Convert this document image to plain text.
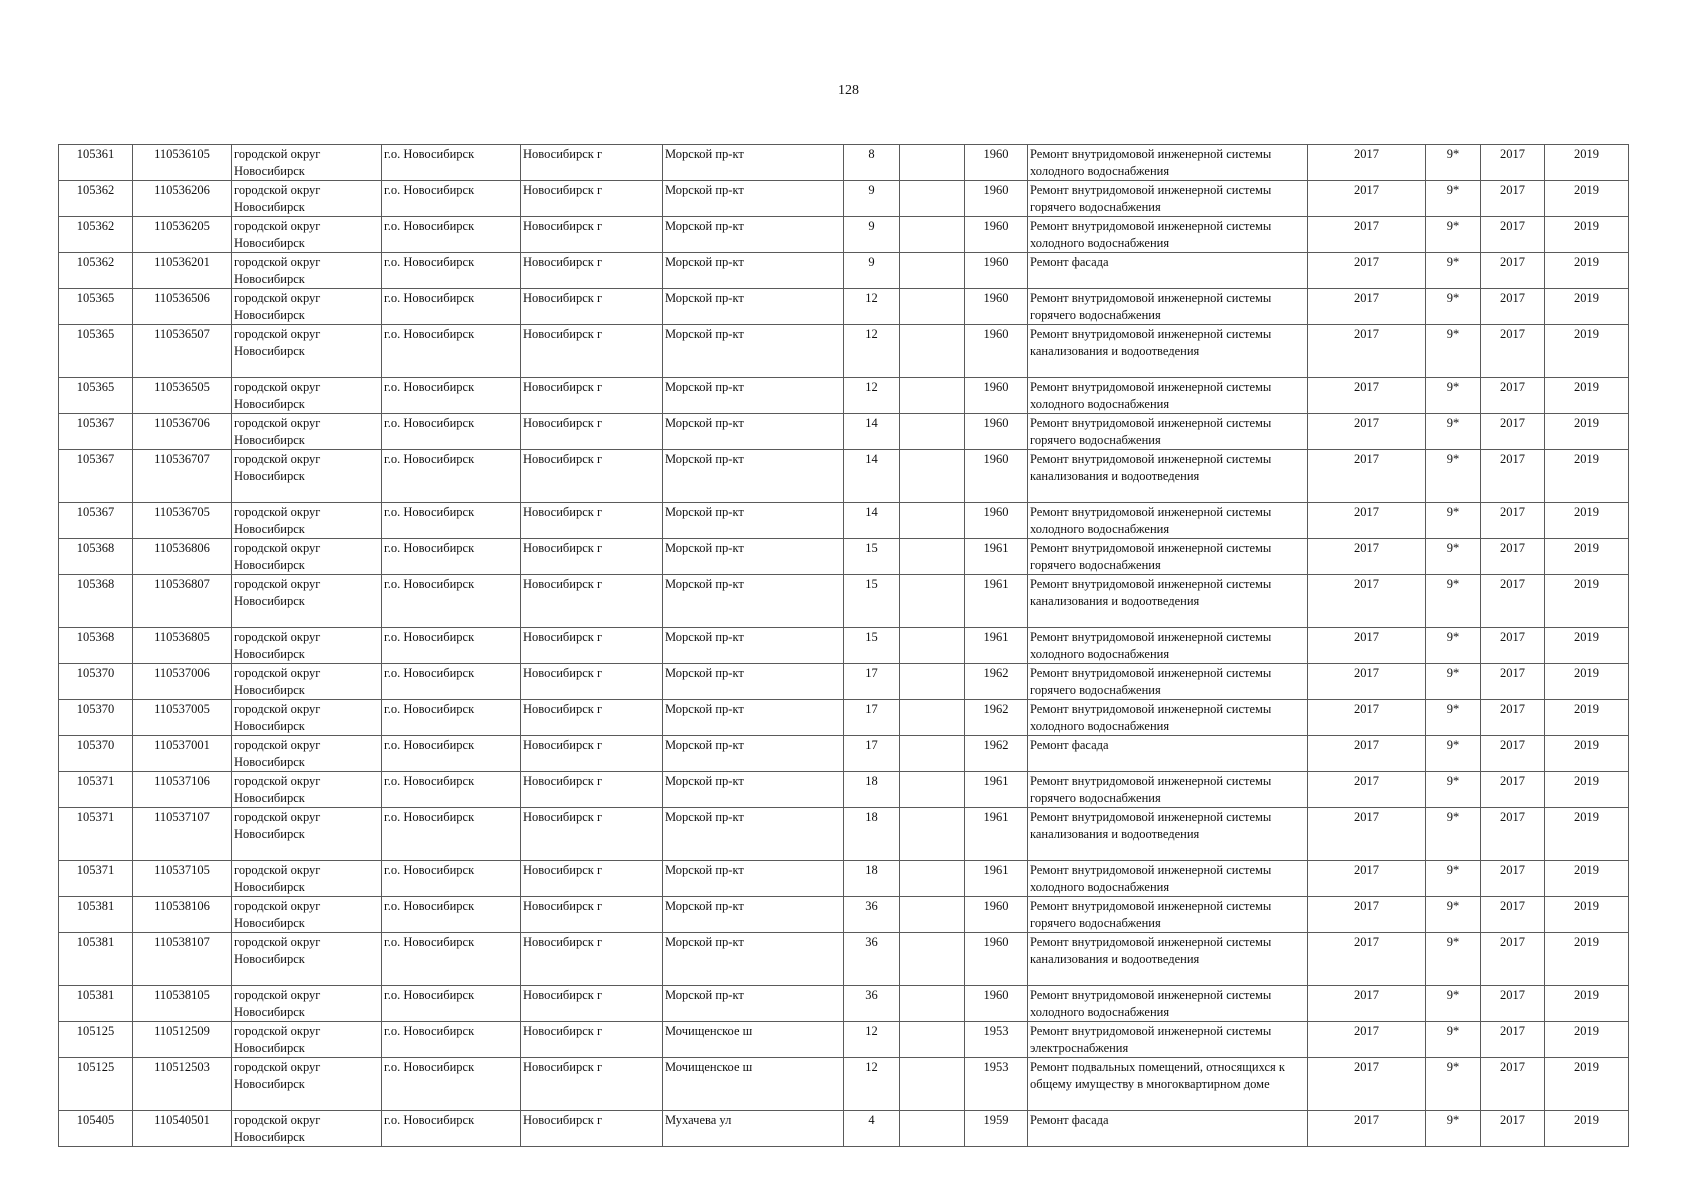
128
105361	110536105	городской округ Новосибирск	г.о. Новосибирск	Новосибирск г	Морской пр-кт	8		1960	Ремонт внутридомовой инженерной системы холодного водоснабжения	2017	9*	2017	2019
105362	110536206	городской округ Новосибирск	г.о. Новосибирск	Новосибирск г	Морской пр-кт	9		1960	Ремонт внутридомовой инженерной системы горячего водоснабжения	2017	9*	2017	2019
105362	110536205	городской округ Новосибирск	г.о. Новосибирск	Новосибирск г	Морской пр-кт	9		1960	Ремонт внутридомовой инженерной системы холодного водоснабжения	2017	9*	2017	2019
105362	110536201	городской округ Новосибирск	г.о. Новосибирск	Новосибирск г	Морской пр-кт	9		1960	Ремонт фасада	2017	9*	2017	2019
105365	110536506	городской округ Новосибирск	г.о. Новосибирск	Новосибирск г	Морской пр-кт	12		1960	Ремонт внутридомовой инженерной системы горячего водоснабжения	2017	9*	2017	2019
105365	110536507	городской округ Новосибирск	г.о. Новосибирск	Новосибирск г	Морской пр-кт	12		1960	Ремонт внутридомовой инженерной системы канализования и водоотведения	2017	9*	2017	2019
105365	110536505	городской округ Новосибирск	г.о. Новосибирск	Новосибирск г	Морской пр-кт	12		1960	Ремонт внутридомовой инженерной системы холодного водоснабжения	2017	9*	2017	2019
105367	110536706	городской округ Новосибирск	г.о. Новосибирск	Новосибирск г	Морской пр-кт	14		1960	Ремонт внутридомовой инженерной системы горячего водоснабжения	2017	9*	2017	2019
105367	110536707	городской округ Новосибирск	г.о. Новосибирск	Новосибирск г	Морской пр-кт	14		1960	Ремонт внутридомовой инженерной системы канализования и водоотведения	2017	9*	2017	2019
105367	110536705	городской округ Новосибирск	г.о. Новосибирск	Новосибирск г	Морской пр-кт	14		1960	Ремонт внутридомовой инженерной системы холодного водоснабжения	2017	9*	2017	2019
105368	110536806	городской округ Новосибирск	г.о. Новосибирск	Новосибирск г	Морской пр-кт	15		1961	Ремонт внутридомовой инженерной системы горячего водоснабжения	2017	9*	2017	2019
105368	110536807	городской округ Новосибирск	г.о. Новосибирск	Новосибирск г	Морской пр-кт	15		1961	Ремонт внутридомовой инженерной системы канализования и водоотведения	2017	9*	2017	2019
105368	110536805	городской округ Новосибирск	г.о. Новосибирск	Новосибирск г	Морской пр-кт	15		1961	Ремонт внутридомовой инженерной системы холодного водоснабжения	2017	9*	2017	2019
105370	110537006	городской округ Новосибирск	г.о. Новосибирск	Новосибирск г	Морской пр-кт	17		1962	Ремонт внутридомовой инженерной системы горячего водоснабжения	2017	9*	2017	2019
105370	110537005	городской округ Новосибирск	г.о. Новосибирск	Новосибирск г	Морской пр-кт	17		1962	Ремонт внутридомовой инженерной системы холодного водоснабжения	2017	9*	2017	2019
105370	110537001	городской округ Новосибирск	г.о. Новосибирск	Новосибирск г	Морской пр-кт	17		1962	Ремонт фасада	2017	9*	2017	2019
105371	110537106	городской округ Новосибирск	г.о. Новосибирск	Новосибирск г	Морской пр-кт	18		1961	Ремонт внутридомовой инженерной системы горячего водоснабжения	2017	9*	2017	2019
105371	110537107	городской округ Новосибирск	г.о. Новосибирск	Новосибирск г	Морской пр-кт	18		1961	Ремонт внутридомовой инженерной системы канализования и водоотведения	2017	9*	2017	2019
105371	110537105	городской округ Новосибирск	г.о. Новосибирск	Новосибирск г	Морской пр-кт	18		1961	Ремонт внутридомовой инженерной системы холодного водоснабжения	2017	9*	2017	2019
105381	110538106	городской округ Новосибирск	г.о. Новосибирск	Новосибирск г	Морской пр-кт	36		1960	Ремонт внутридомовой инженерной системы горячего водоснабжения	2017	9*	2017	2019
105381	110538107	городской округ Новосибирск	г.о. Новосибирск	Новосибирск г	Морской пр-кт	36		1960	Ремонт внутридомовой инженерной системы канализования и водоотведения	2017	9*	2017	2019
105381	110538105	городской округ Новосибирск	г.о. Новосибирск	Новосибирск г	Морской пр-кт	36		1960	Ремонт внутридомовой инженерной системы холодного водоснабжения	2017	9*	2017	2019
105125	110512509	городской округ Новосибирск	г.о. Новосибирск	Новосибирск г	Мочищенское ш	12		1953	Ремонт внутридомовой инженерной системы электроснабжения	2017	9*	2017	2019
105125	110512503	городской округ Новосибирск	г.о. Новосибирск	Новосибирск г	Мочищенское ш	12		1953	Ремонт подвальных помещений, относящихся к общему имуществу в многоквартирном доме	2017	9*	2017	2019
105405	110540501	городской округ Новосибирск	г.о. Новосибирск	Новосибирск г	Мухачева ул	4		1959	Ремонт фасада	2017	9*	2017	2019
